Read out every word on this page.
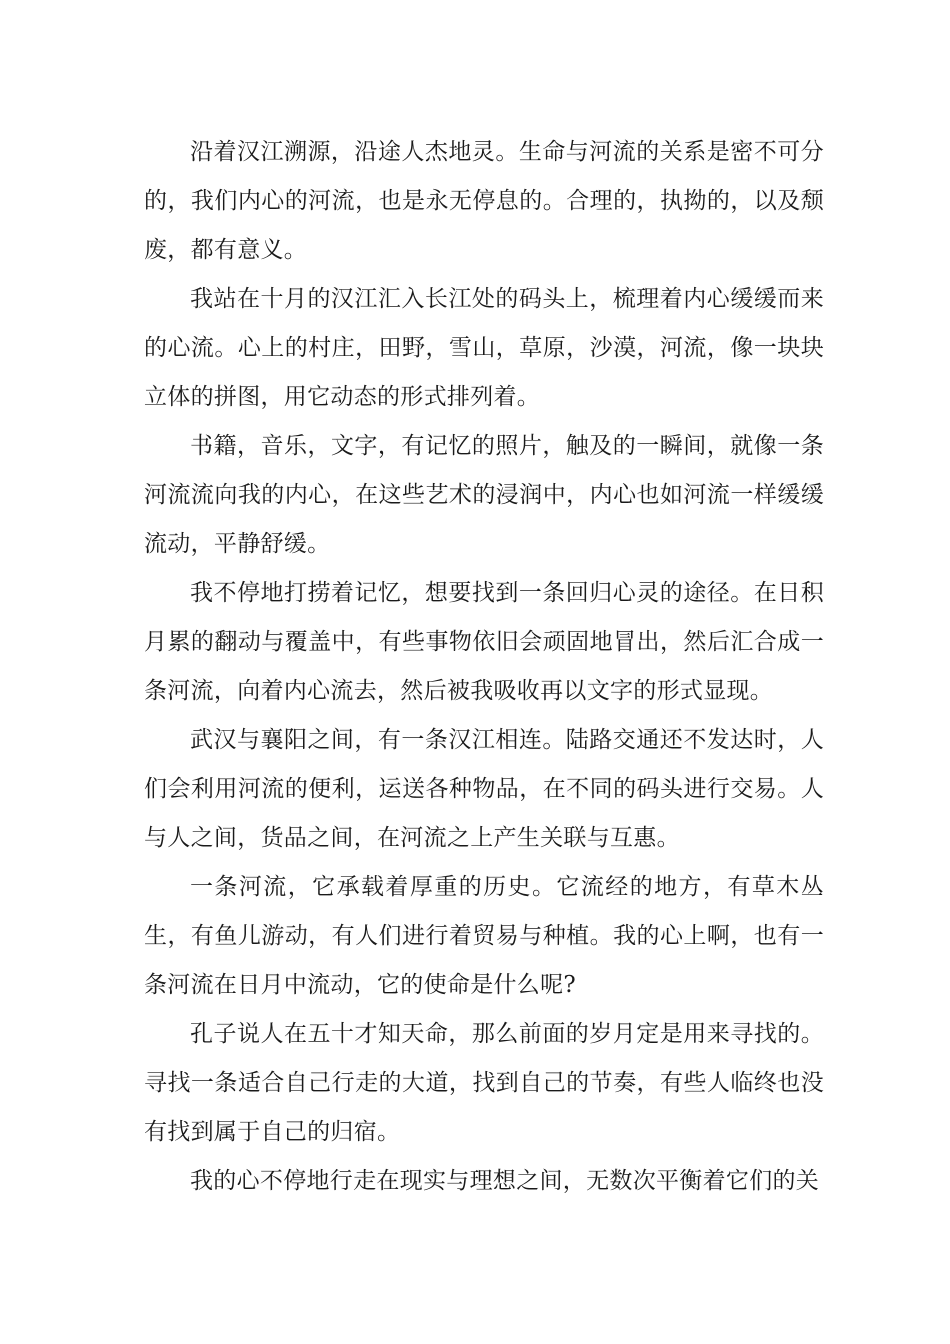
沿着汉江溯源，沿途人杰地灵。生命与河流的关系是密不可分的，我们内心的河流，也是永无停息的。合理的，执拗的，以及颓废，都有意义。

我站在十月的汉江汇入长江处的码头上，梳理着内心缓缓而来的心流。心上的村庄，田野，雪山，草原，沙漠，河流，像一块块立体的拼图，用它动态的形式排列着。

书籍，音乐，文字，有记忆的照片，触及的一瞬间，就像一条河流流向我的内心，在这些艺术的浸润中，内心也如河流一样缓缓流动，平静舒缓。

我不停地打捞着记忆，想要找到一条回归心灵的途径。在日积月累的翻动与覆盖中，有些事物依旧会顽固地冒出，然后汇合成一条河流，向着内心流去，然后被我吸收再以文字的形式显现。

武汉与襄阳之间，有一条汉江相连。陆路交通还不发达时，人们会利用河流的便利，运送各种物品，在不同的码头进行交易。人与人之间，货品之间，在河流之上产生关联与互惠。

一条河流，它承载着厚重的历史。它流经的地方，有草木丛生，有鱼儿游动，有人们进行着贸易与种植。我的心上啊，也有一条河流在日月中流动，它的使命是什么呢?

孔子说人在五十才知天命，那么前面的岁月定是用来寻找的。寻找一条适合自己行走的大道，找到自己的节奏，有些人临终也没有找到属于自己的归宿。

我的心不停地行走在现实与理想之间，无数次平衡着它们的关
